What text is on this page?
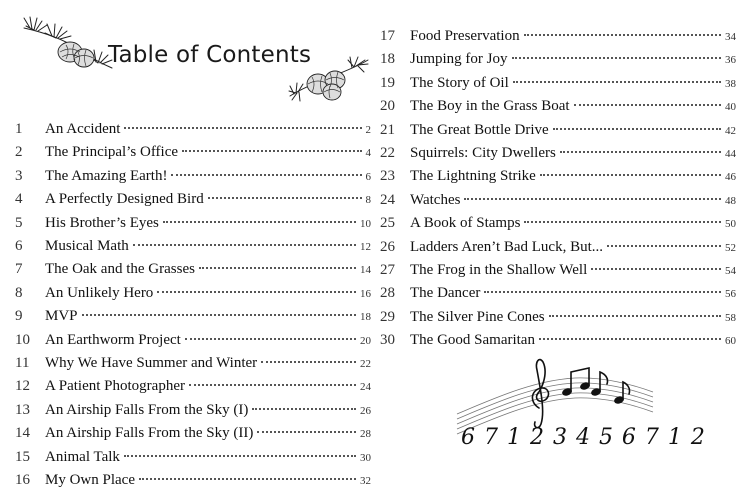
Table of Contents
1	An Accident	2
2	The Principal’s Office	4
3	The Amazing Earth!	6
4	A Perfectly Designed Bird	8
5	His Brother’s Eyes	10
6	Musical Math	12
7	The Oak and the Grasses	14
8	An Unlikely Hero	16
9	MVP	18
10	An Earthworm Project	20
11	Why We Have Summer and Winter	22
12	A Patient Photographer	24
13	An Airship Falls From the Sky (I)	26
14	An Airship Falls From the Sky (II)	28
15	Animal Talk	30
16	My Own Place	32
17	Food Preservation	34
18	Jumping for Joy	36
19	The Story of Oil	38
20	The Boy in the Grass Boat	40
21	The Great Bottle Drive	42
22	Squirrels: City Dwellers	44
23	The Lightning Strike	46
24	Watches	48
25	A Book of Stamps	50
26	Ladders Aren’t Bad Luck, But...	52
27	The Frog in the Shallow Well	54
28	The Dancer	56
29	The Silver Pine Cones	58
30	The Good Samaritan	60
6 7 1 2 3 4 5 6 7 1 2
